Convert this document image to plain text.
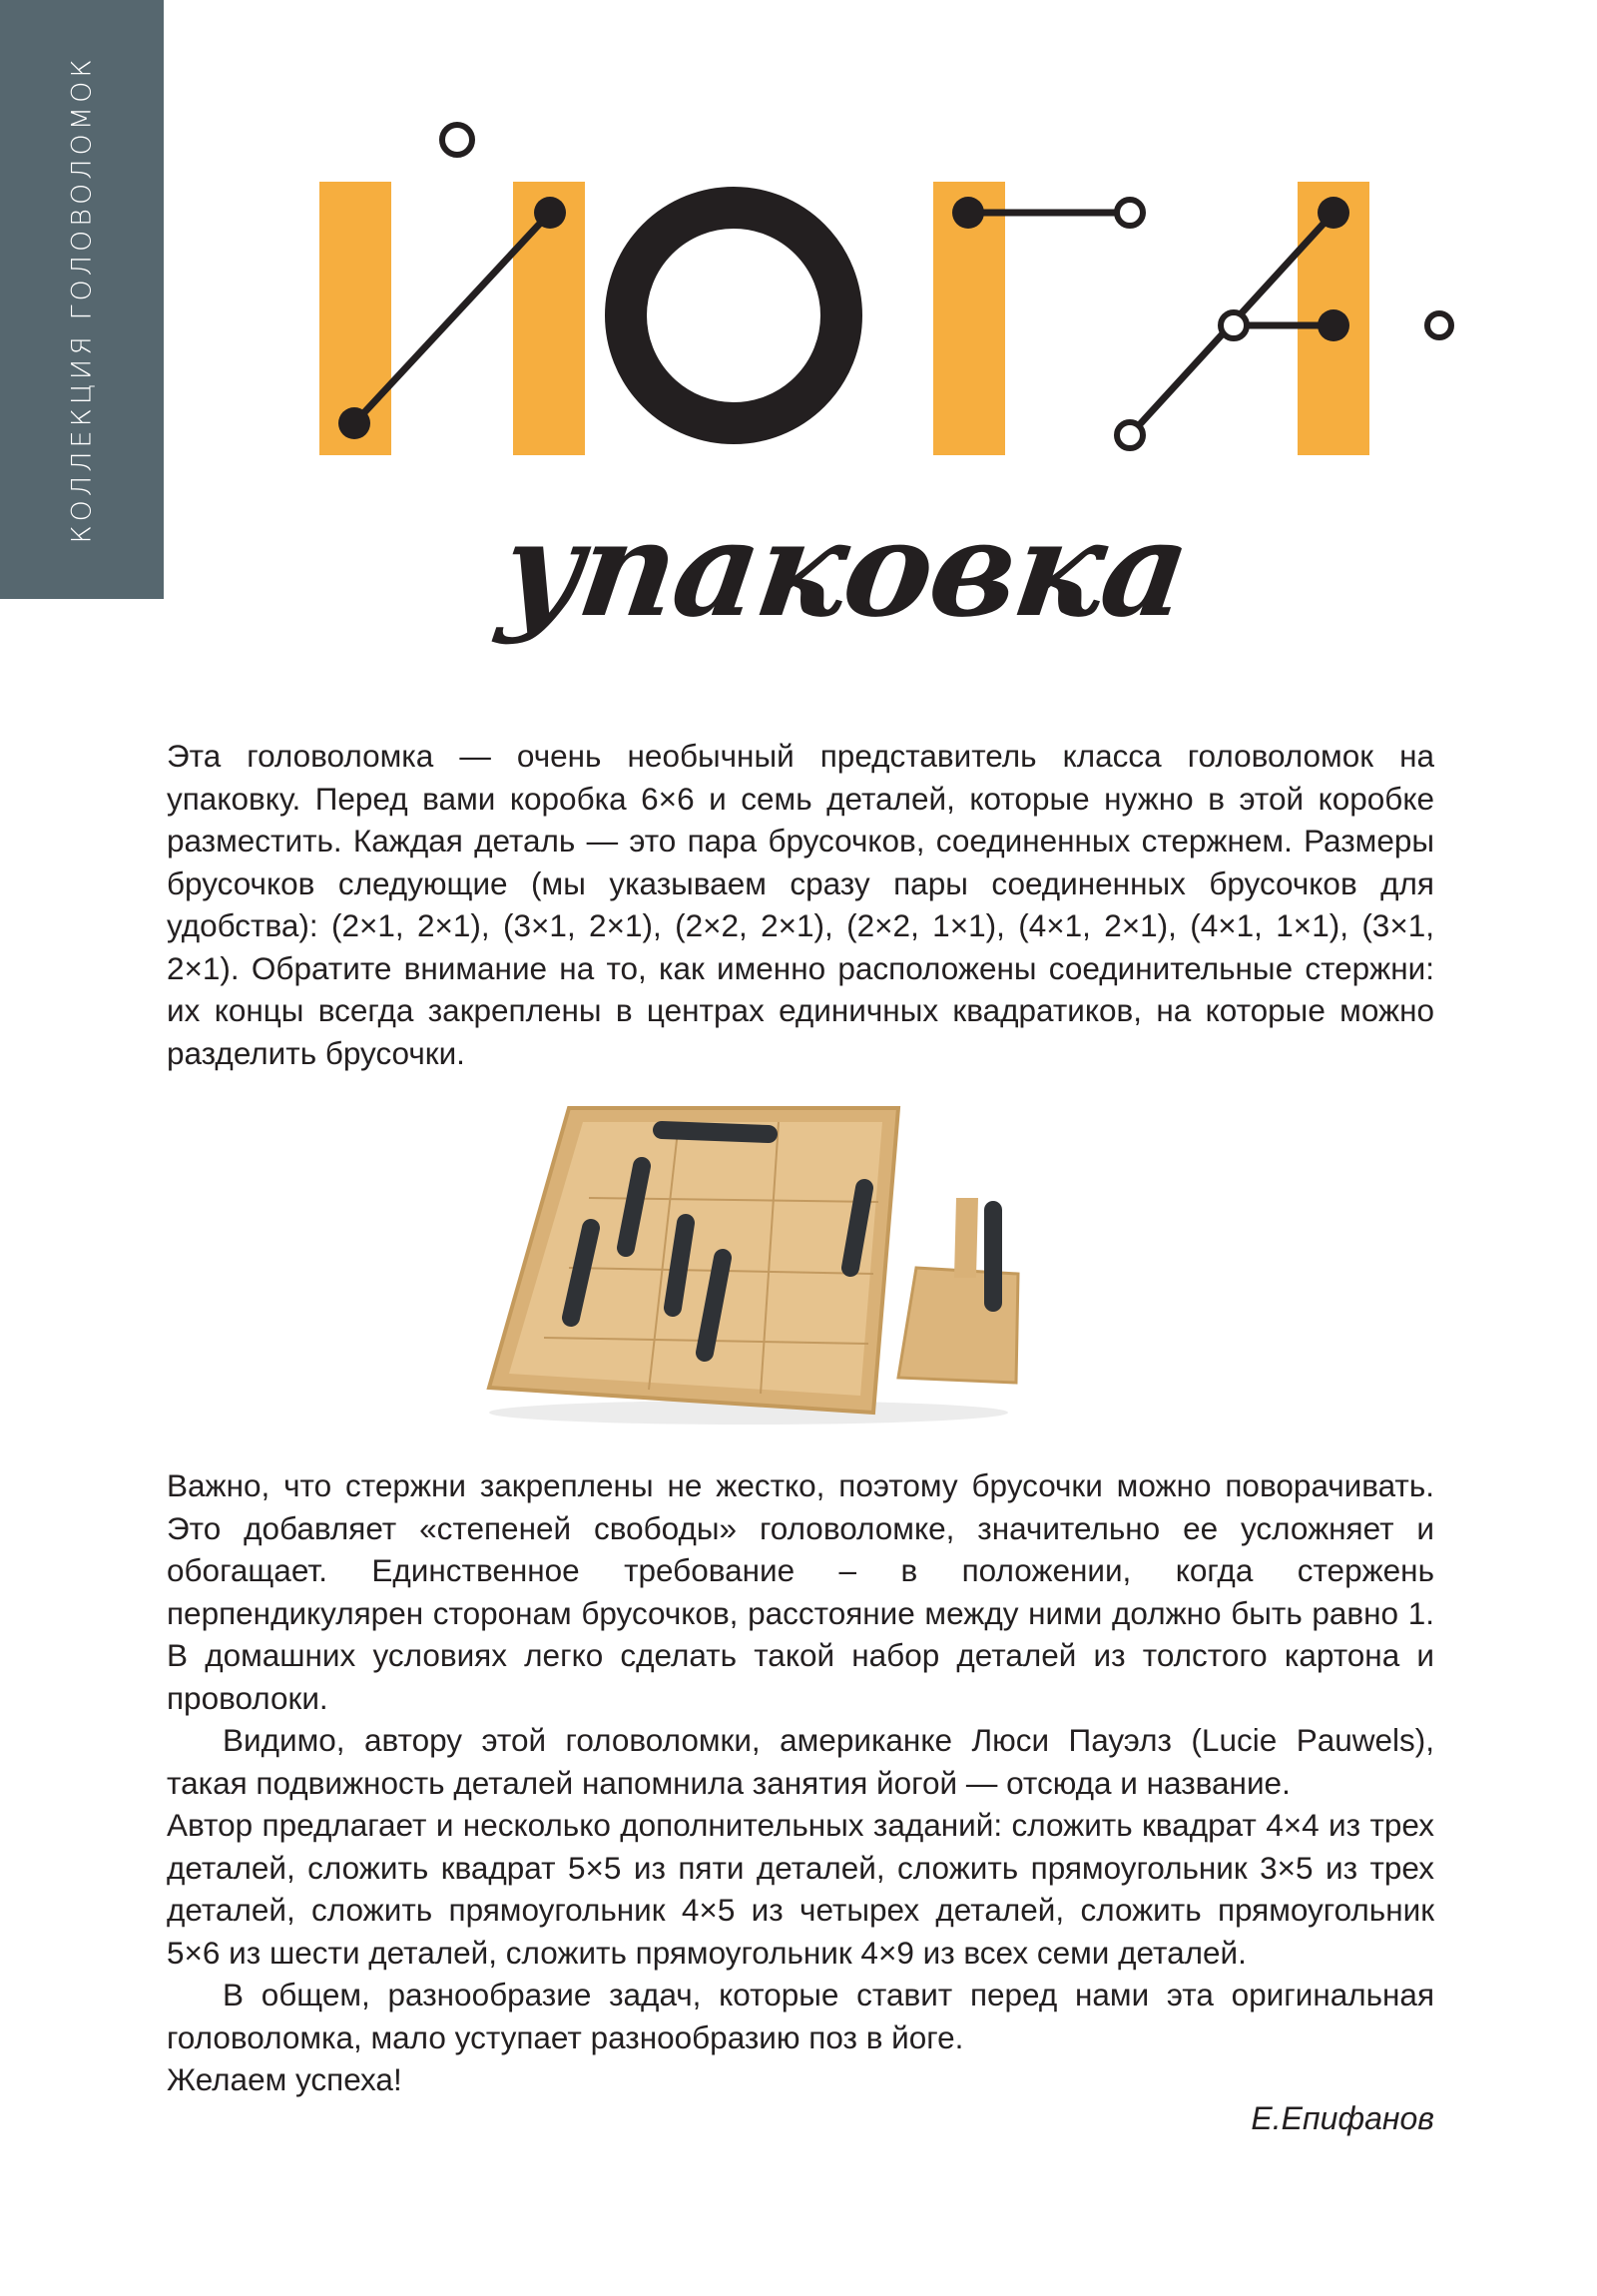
КОЛЛЕКЦИЯ ГОЛОВОЛОМОК
упаковка

Эта головоломка — очень необычный представитель класса головоломок на упаковку. Перед вами коробка 6×6 и семь деталей, которые нужно в этой коробке разместить. Каждая деталь — это пара брусочков, соединенных стержнем. Размеры брусочков следующие (мы указываем сразу пары соединенных брусочков для удобства): (2×1, 2×1), (3×1, 2×1), (2×2, 2×1), (2×2, 1×1), (4×1, 2×1), (4×1, 1×1), (3×1, 2×1). Обратите внимание на то, как именно расположены соединительные стержни: их концы всегда закреплены в центрах единичных квадратиков, на которые можно разделить брусочки.

Важно, что стержни закреплены не жестко, поэтому брусочки можно поворачивать. Это добавляет «степеней свободы» головоломке, значительно ее усложняет и обогащает. Единственное требование – в положении, когда стержень перпендикулярен сторонам брусочков, расстояние между ними должно быть равно 1. В домашних условиях легко сделать такой набор деталей из толстого картона и проволоки.

Видимо, автору этой головоломки, американке Люси Пауэлз (Lucie Pauwels), такая подвижность деталей напомнила занятия йогой — отсюда и название.

Автор предлагает и несколько дополнительных заданий: сложить квадрат 4×4 из трех деталей, сложить квадрат 5×5 из пяти деталей, сложить прямоугольник 3×5 из трех деталей, сложить прямоугольник 4×5 из четырех деталей, сложить прямоугольник 5×6 из шести деталей, сложить прямоугольник 4×9 из всех семи деталей.

В общем, разнообразие задач, которые ставит перед нами эта оригинальная головоломка, мало уступает разнообразию поз в йоге.

Желаем успеха!

Е.Епифанов
